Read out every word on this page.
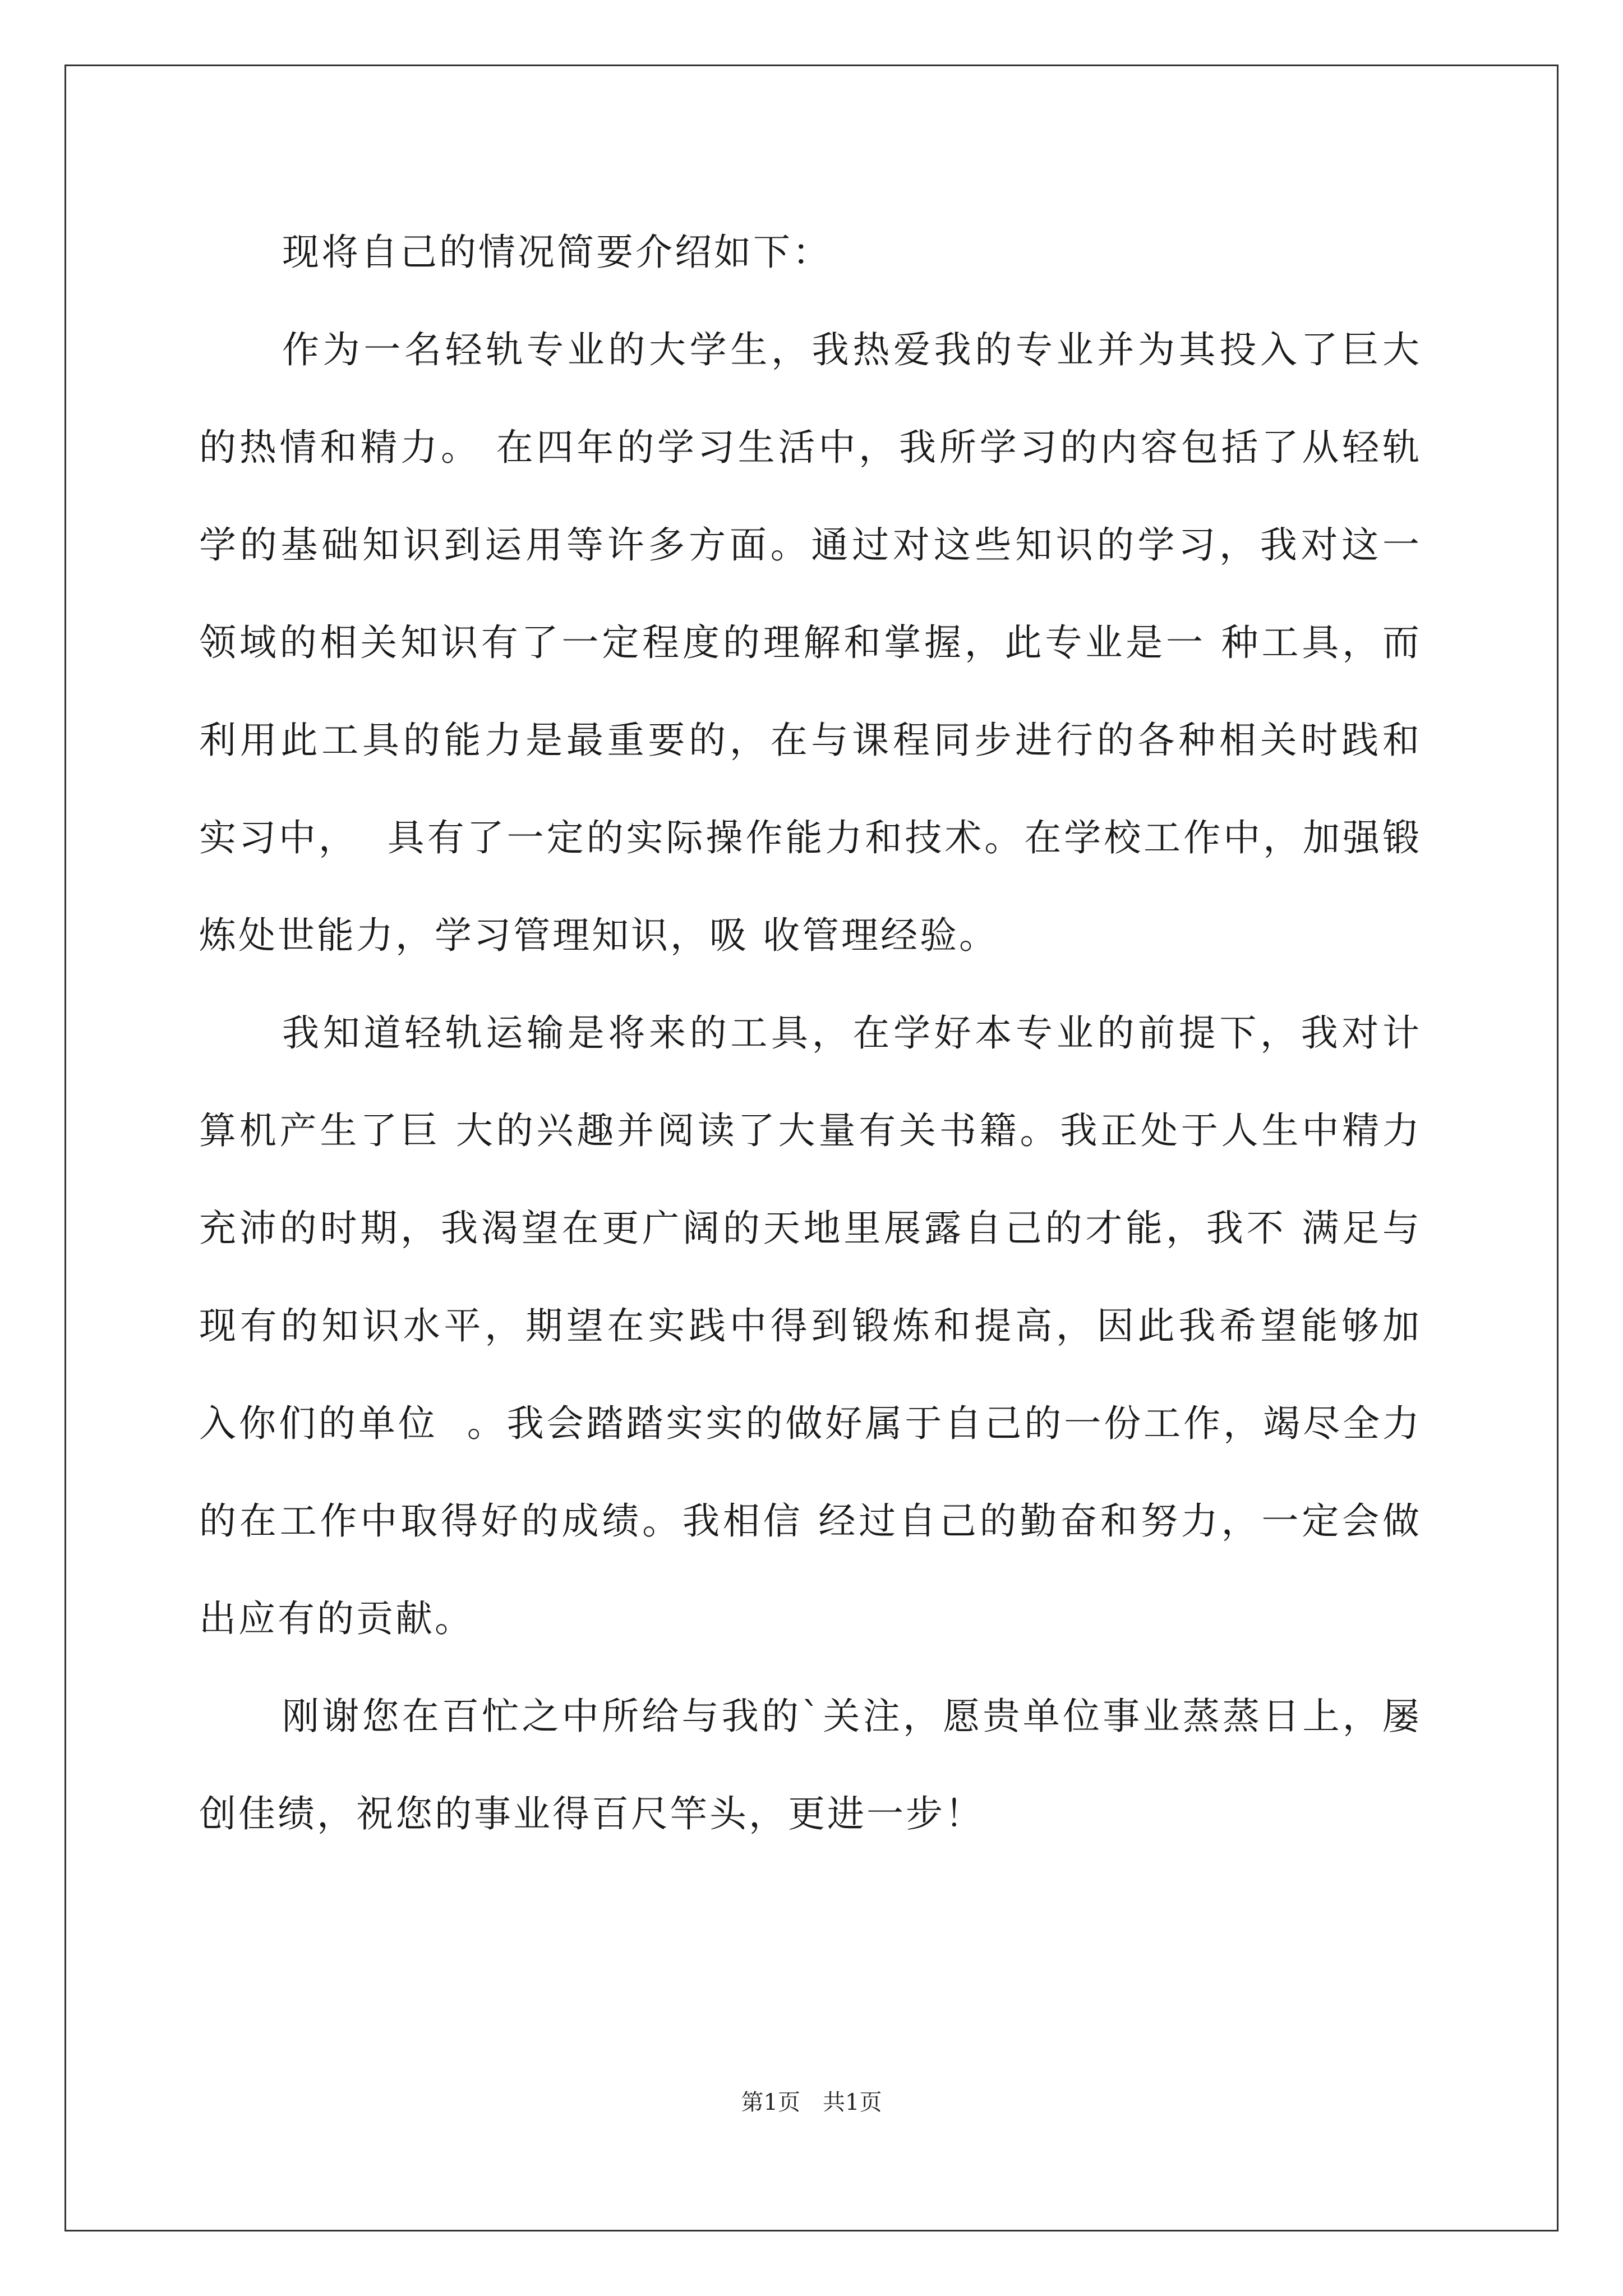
现将自己的情况简要介绍如下：
作为一名轻轨专业的大学生，我热爱我的专业并为其投入了巨大
的热情和精力。 在四年的学习生活中，我所学习的内容包括了从轻轨
学的基础知识到运用等许多方面。通过对这些知识的学习，我对这一
领域的相关知识有了一定程度的理解和掌握，此专业是一 种工具，而
利用此工具的能力是最重要的，在与课程同步进行的各种相关时践和
实习中，  具有了一定的实际操作能力和技术。在学校工作中，加强锻
炼处世能力，学习管理知识，吸 收管理经验。
我知道轻轨运输是将来的工具，在学好本专业的前提下，我对计
算机产生了巨 大的兴趣并阅读了大量有关书籍。我正处于人生中精力
充沛的时期，我渴望在更广阔的天地里展露自己的才能，我不 满足与
现有的知识水平，期望在实践中得到锻炼和提高，因此我希望能够加
入你们的单位  。我会踏踏实实的做好属于自己的一份工作，竭尽全力
的在工作中取得好的成绩。我相信 经过自己的勤奋和努力，一定会做
出应有的贡献。
刚谢您在百忙之中所给与我的`关注，愿贵单位事业蒸蒸日上，屡
创佳绩，祝您的事业得百尺竿头，更进一步！
第1页 共1页
